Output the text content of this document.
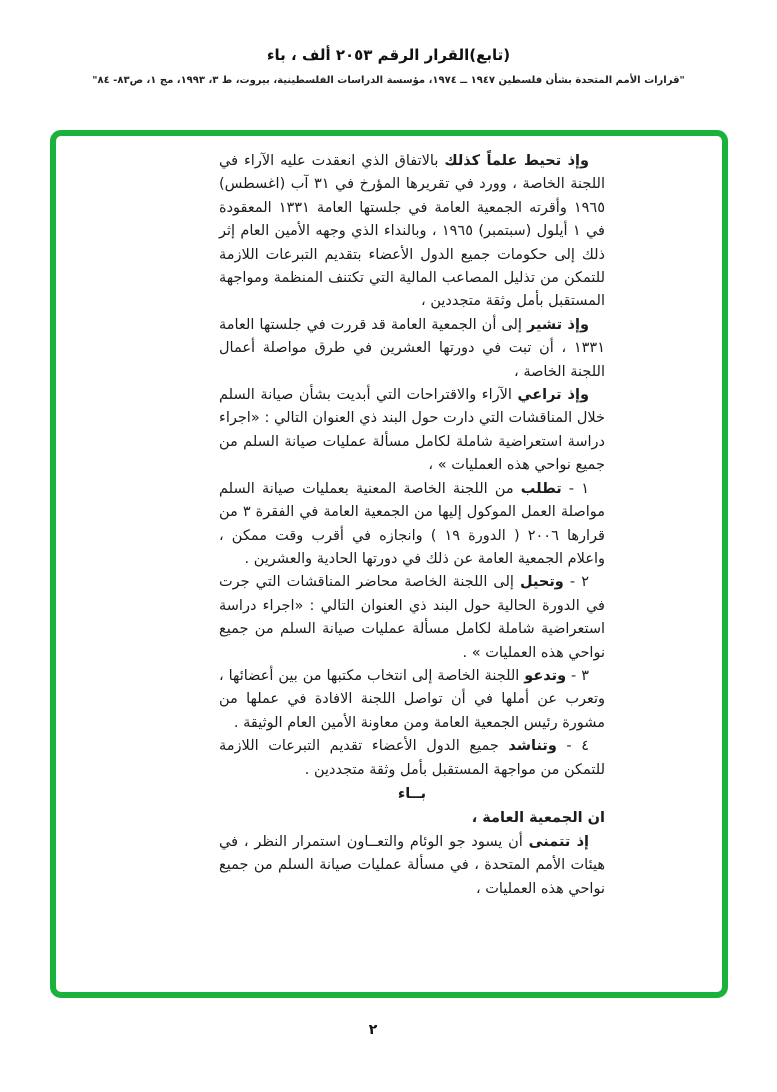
(تابع)القرار الرقم ٢٠٥٣ ألف ، باء
"قرارات الأمم المتحدة بشأن فلسطين ١٩٤٧ ــ ١٩٧٤، مؤسسة الدراسات الفلسطينية، بيروت، ط ٣، ١٩٩٣، مج ١، ص٨٣- ٨٤"

وإذ تحيط علماً كذلك بالاتفاق الذي انعقدت عليه الآراء في اللجنة الخاصة ، وورد في تقريرها المؤرخ في ٣١ آب (اغسطس) ١٩٦٥ وأقرته الجمعية العامة في جلستها العامة ١٣٣١ المعقودة في ١ أيلول (سبتمبر) ١٩٦٥ ، وبالنداء الذي وجهه الأمين العام إثر ذلك إلى حكومات جميع الدول الأعضاء بتقديم التبرعات اللازمة للتمكن من تذليل المصاعب المالية التي تكتنف المنظمة ومواجهة المستقبل بأمل وثقة متجددين ،

وإذ تشير إلى أن الجمعية العامة قد قررت في جلستها العامة ١٣٣١ ، أن تبت في دورتها العشرين في طرق مواصلة أعمال اللجنة الخاصة ،

وإذ تراعي الآراء والاقتراحات التي أبديت بشأن صيانة السلم خلال المناقشات التي دارت حول البند ذي العنوان التالي : «اجراء دراسة استعراضية شاملة لكامل مسألة عمليات صيانة السلم من جميع نواحي هذه العمليات » ،

١ - تطلب من اللجنة الخاصة المعنية بعمليات صيانة السلم مواصلة العمل الموكول إليها من الجمعية العامة في الفقرة ٣ من قرارها ٢٠٠٦ ( الدورة ١٩ ) وانجازه في أقرب وقت ممكن ، واعلام الجمعية العامة عن ذلك في دورتها الحادية والعشرين .

٢ - وتحيل إلى اللجنة الخاصة محاضر المناقشات التي جرت في الدورة الحالية حول البند ذي العنوان التالي : «اجراء دراسة استعراضية شاملة لكامل مسألة عمليات صيانة السلم من جميع نواحي هذه العمليات » .

٣ - وتدعو اللجنة الخاصة إلى انتخاب مكتبها من بين أعضائها ، وتعرب عن أملها في أن تواصل اللجنة الافادة في عملها من مشورة رئيس الجمعية العامة ومن معاونة الأمين العام الوثيقة .

٤ - وتناشد جميع الدول الأعضاء تقديم التبرعات اللازمة للتمكن من مواجهة المستقبل بأمل وثقة متجددين .

بــاء

ان الجمعية العامة ،

إذ تتمنى أن يسود جو الوئام والتعــاون استمرار النظر ، في هيئات الأمم المتحدة ، في مسألة عمليات صيانة السلم من جميع نواحي هذه العمليات ،

٢
